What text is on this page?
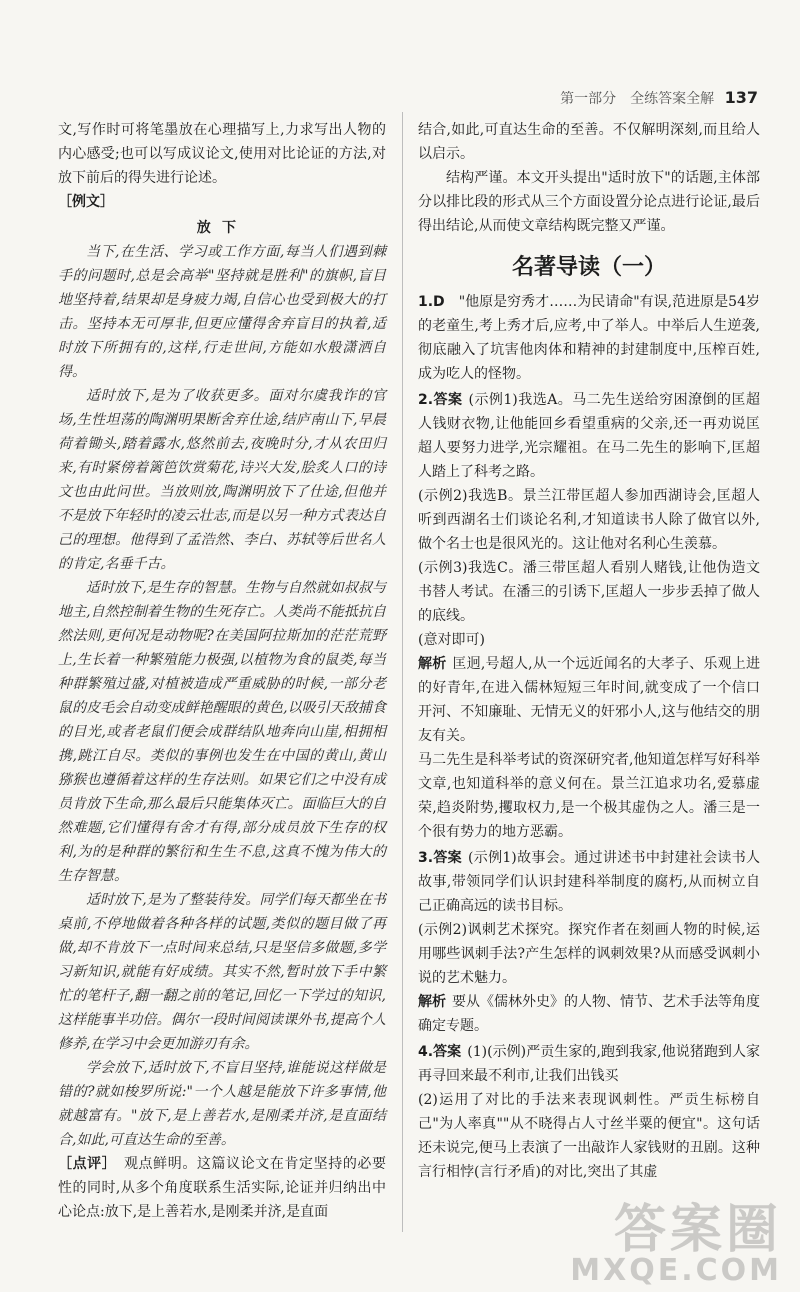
第一部分　全练答案全解 137

文,写作时可将笔墨放在心理描写上,力求写出人物的内心感受;也可以写成议论文,使用对比论证的方法,对放下前后的得失进行论述。

［例文］

放下

当下,在生活、学习或工作方面,每当人们遇到棘手的问题时,总是会高举"坚持就是胜利"的旗帜,盲目地坚持着,结果却是身疲力竭,自信心也受到极大的打击。坚持本无可厚非,但更应懂得舍弃盲目的执着,适时放下所拥有的,这样,行走世间,方能如水般潇洒自得。

适时放下,是为了收获更多。面对尔虞我诈的官场,生性坦荡的陶渊明果断舍弃仕途,结庐南山下,早晨荷着锄头,踏着露水,悠然前去,夜晚时分,才从农田归来,有时紧傍着篱笆饮赏菊花,诗兴大发,脍炙人口的诗文也由此问世。当放则放,陶渊明放下了仕途,但他并不是放下年轻时的凌云壮志,而是以另一种方式表达自己的理想。他得到了孟浩然、李白、苏轼等后世名人的肯定,名垂千古。

适时放下,是生存的智慧。生物与自然就如叔叔与地主,自然控制着生物的生死存亡。人类尚不能抵抗自然法则,更何况是动物呢?在美国阿拉斯加的茫茫荒野上,生长着一种繁殖能力极强,以植物为食的鼠类,每当种群繁殖过盛,对植被造成严重威胁的时候,一部分老鼠的皮毛会自动变成鲜艳醒眼的黄色,以吸引天敌捕食的目光,或者老鼠们便会成群结队地奔向山崖,相拥相携,跳江自尽。类似的事例也发生在中国的黄山,黄山猕猴也遵循着这样的生存法则。如果它们之中没有成员肯放下生命,那么最后只能集体灭亡。面临巨大的自然难题,它们懂得有舍才有得,部分成员放下生存的权利,为的是种群的繁衍和生生不息,这真不愧为伟大的生存智慧。

适时放下,是为了整装待发。同学们每天都坐在书桌前,不停地做着各种各样的试题,类似的题目做了再做,却不肯放下一点时间来总结,只是坚信多做题,多学习新知识,就能有好成绩。其实不然,暂时放下手中繁忙的笔杆子,翻一翻之前的笔记,回忆一下学过的知识,这样能事半功倍。偶尔一段时间阅读课外书,提高个人修养,在学习中会更加游刃有余。

学会放下,适时放下,不盲目坚持,谁能说这样做是错的?就如梭罗所说:"一个人越是能放下许多事情,他就越富有。"放下,是上善若水,是刚柔并济,是直面结合,如此,可直达生命的至善。

［点评］　 观点鲜明。这篇议论文在肯定坚持的必要性的同时,从多个角度联系生活实际,论证并归纳出中心论点:放下,是上善若水,是刚柔并济,是直面

结合,如此,可直达生命的至善。不仅解明深刻,而且给人以启示。

结构严谨。本文开头提出"适时放下"的话题,主体部分以排比段的形式从三个方面设置分论点进行论证,最后得出结论,从而使文章结构既完整又严谨。

名著导读（一）

1.D　 "他原是穷秀才……为民请命"有误,范进原是54岁的老童生,考上秀才后,应考,中了举人。中举后人生逆袭,彻底融入了坑害他肉体和精神的封建制度中,压榨百姓,成为吃人的怪物。

2.答案 (示例1)我选A。马二先生送给穷困潦倒的匡超人钱财衣物,让他能回乡看望重病的父亲,还一再劝说匡超人要努力进学,光宗耀祖。在马二先生的影响下,匡超人踏上了科考之路。

(示例2)我选B。景兰江带匡超人参加西湖诗会,匡超人听到西湖名士们谈论名利,才知道读书人除了做官以外,做个名士也是很风光的。这让他对名利心生羡慕。

(示例3)我选C。潘三带匡超人看别人赌钱,让他伪造文书替人考试。在潘三的引诱下,匡超人一步步丢掉了做人的底线。

(意对即可)

解析 匡迥,号超人,从一个远近闻名的大孝子、乐观上进的好青年,在进入儒林短短三年时间,就变成了一个信口开河、不知廉耻、无情无义的奸邪小人,这与他结交的朋友有关。

马二先生是科举考试的资深研究者,他知道怎样写好科举文章,也知道科举的意义何在。景兰江追求功名,爱慕虚荣,趋炎附势,攫取权力,是一个极其虚伪之人。潘三是一个很有势力的地方恶霸。

3.答案 (示例1)故事会。通过讲述书中封建社会读书人故事,带领同学们认识封建科举制度的腐朽,从而树立自己正确高远的读书目标。

(示例2)讽刺艺术探究。探究作者在刻画人物的时候,运用哪些讽刺手法?产生怎样的讽刺效果?从而感受讽刺小说的艺术魅力。

解析 要从《儒林外史》的人物、情节、艺术手法等角度确定专题。

4.答案 (1)(示例)严贡生家的,跑到我家,他说猪跑到人家再寻回来最不利市,让我们出钱买

(2)运用了对比的手法来表现讽刺性。严贡生标榜自己"为人率真""从不晓得占人寸丝半粟的便宜"。这句话还未说完,便马上表演了一出敲诈人家钱财的丑剧。这种言行相悖(言行矛盾)的对比,突出了其虚

答案圈
MXQE.COM
